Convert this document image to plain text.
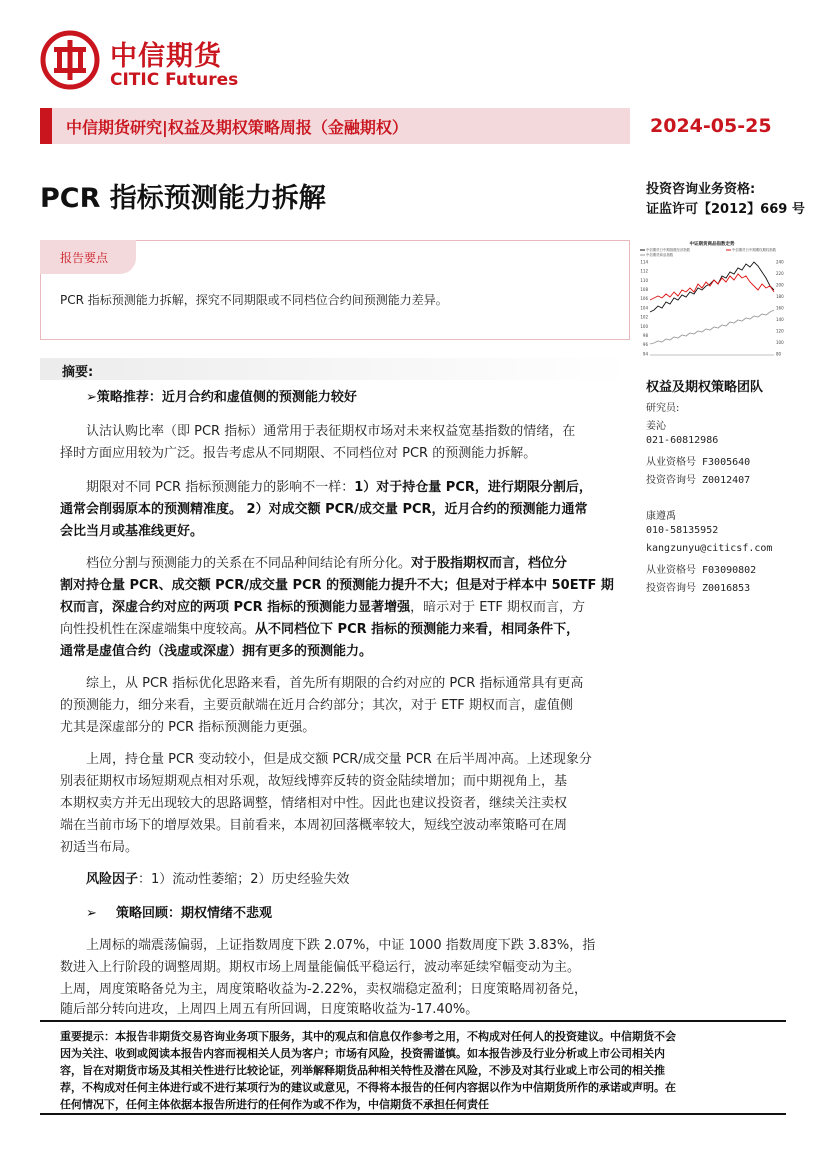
中信期货
CITIC Futures
中信期货研究|权益及期权策略周报（金融期权）	2024-05-25
PCR 指标预测能力拆解	投资咨询业务资格:
证监许可【2012】669 号
报告要点
PCR 指标预测能力拆解，探究不同期限或不同档位合约间预测能力差异。
中证期货商品指数走势
中信期货日中期指数经济指数	中信期货日中期期权期权指数
中信期货商品指数
114
112
110
108
106
104
102
100
98
96
94
240
220
200
180
160
140
120
100
80
摘要:
➢策略推荐：近月合约和虚值侧的预测能力较好
认沽认购比率（即 PCR 指标）通常用于表征期权市场对未来权益宽基指数的情绪，在
择时方面应用较为广泛。报告考虑从不同期限、不同档位对 PCR 的预测能力拆解。
期限对不同 PCR 指标预测能力的影响不一样：1）对于持仓量 PCR，进行期限分割后，
通常会削弱原本的预测精准度。 2）对成交额 PCR/成交量 PCR，近月合约的预测能力通常
会比当月或基准线更好。
档位分割与预测能力的关系在不同品种间结论有所分化。对于股指期权而言，档位分
割对持仓量 PCR、成交额 PCR/成交量 PCR 的预测能力提升不大；但是对于样本中 50ETF 期
权而言，深虚合约对应的两项 PCR 指标的预测能力显著增强，暗示对于 ETF 期权而言，方
向性投机性在深虚端集中度较高。从不同档位下 PCR 指标的预测能力来看，相同条件下，
通常是虚值合约（浅虚或深虚）拥有更多的预测能力。
综上，从 PCR 指标优化思路来看，首先所有期限的合约对应的 PCR 指标通常具有更高
的预测能力，细分来看，主要贡献端在近月合约部分；其次，对于 ETF 期权而言，虚值侧
尤其是深虚部分的 PCR 指标预测能力更强。
上周，持仓量 PCR 变动较小，但是成交额 PCR/成交量 PCR 在后半周冲高。上述现象分
别表征期权市场短期观点相对乐观，故短线博弈反转的资金陆续增加；而中期视角上，基
本期权卖方并无出现较大的思路调整，情绪相对中性。因此也建议投资者，继续关注卖权
端在当前市场下的增厚效果。目前看来，本周初回落概率较大，短线空波动率策略可在周
初适当布局。
风险因子：1）流动性萎缩；2）历史经验失效
➢ 策略回顾：期权情绪不悲观
上周标的端震荡偏弱，上证指数周度下跌 2.07%，中证 1000 指数周度下跌 3.83%，指
数进入上行阶段的调整周期。期权市场上周量能偏低平稳运行，波动率延续窄幅变动为主。
上周，周度策略备兑为主，周度策略收益为-2.22%，卖权端稳定盈利；日度策略周初备兑，
随后部分转向进攻，上周四上周五有所回调，日度策略收益为-17.40%。
权益及期权策略团队
研究员:
姜沁
021-60812986
从业资格号 F3005640
投资咨询号 Z0012407
康遵禹
010-58135952
kangzunyu@citicsf.com
从业资格号 F03090802
投资咨询号 Z0016853
重要提示：本报告非期货交易咨询业务项下服务，其中的观点和信息仅作参考之用，不构成对任何人的投资建议。中信期货不会
因为关注、收到或阅读本报告内容而视相关人员为客户；市场有风险，投资需谨慎。如本报告涉及行业分析或上市公司相关内
容，旨在对期货市场及其相关性进行比较论证，列举解释期货品种相关特性及潜在风险，不涉及对其行业或上市公司的相关推
荐，不构成对任何主体进行或不进行某项行为的建议或意见，不得将本报告的任何内容据以作为中信期货所作的承诺或声明。在
任何情况下，任何主体依据本报告所进行的任何作为或不作为，中信期货不承担任何责任
